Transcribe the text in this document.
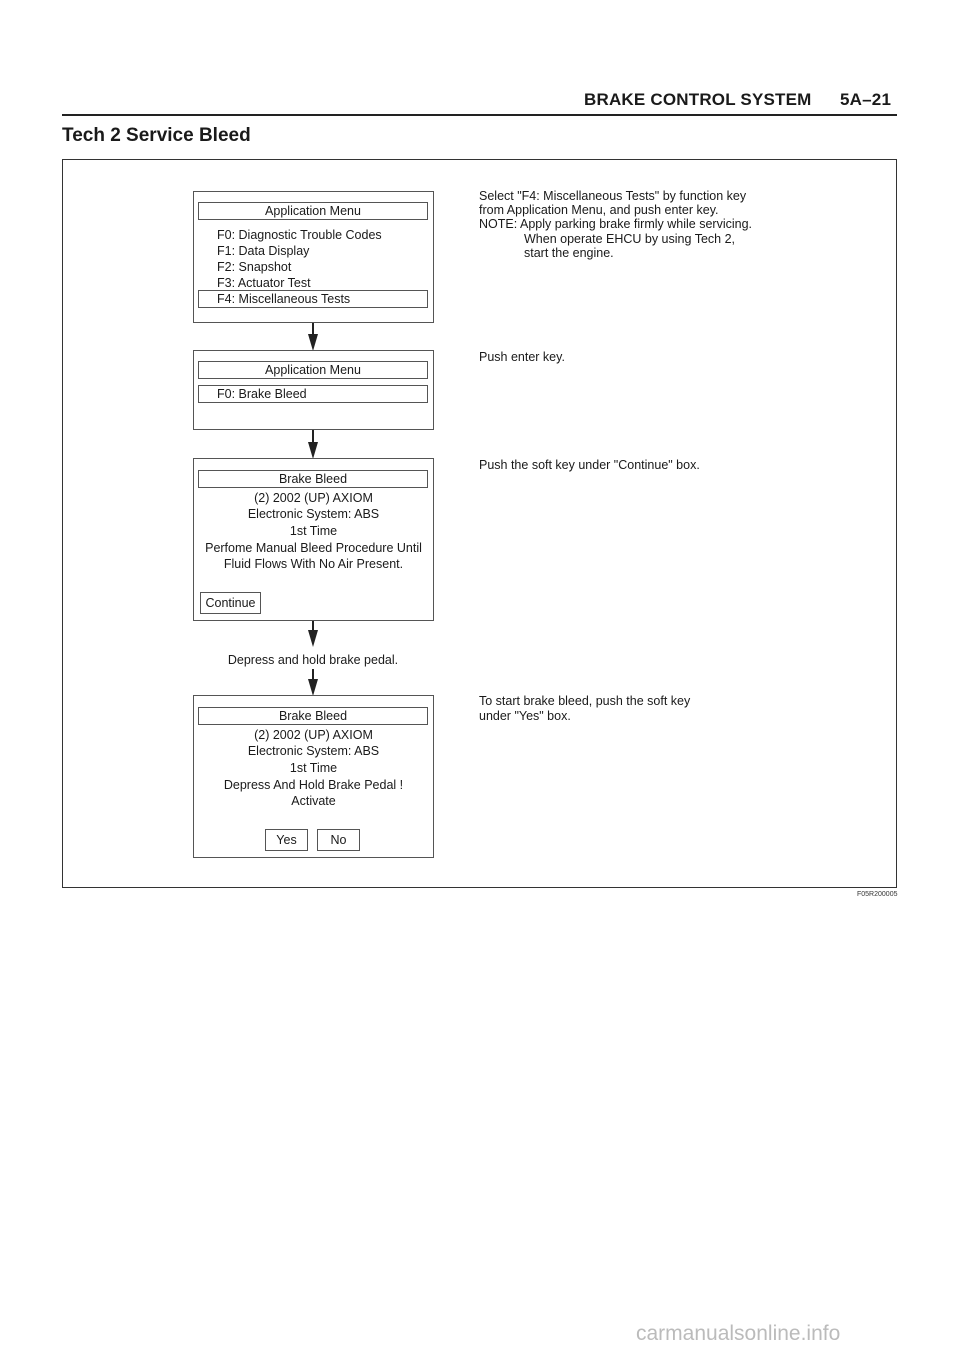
BRAKE CONTROL SYSTEM 5A–21
Tech 2 Service Bleed
Application Menu
F0: Diagnostic Trouble Codes
F1: Data Display
F2: Snapshot
F3: Actuator Test
F4: Miscellaneous Tests
Select "F4: Miscellaneous Tests" by function key
from Application Menu, and push enter key.
NOTE: Apply parking brake firmly while servicing.
When operate EHCU by using Tech 2,
start the engine.
Application Menu
F0: Brake Bleed
Push enter key.
Brake Bleed
(2) 2002 (UP) AXIOM
Electronic System: ABS
1st Time
Perfome Manual Bleed Procedure Until
Fluid Flows With No Air Present.
Continue
Push the soft key under "Continue" box.
Depress and hold brake pedal.
Brake Bleed
(2) 2002 (UP) AXIOM
Electronic System: ABS
1st Time
Depress And Hold Brake Pedal !
Activate
Yes	No
To start brake bleed, push the soft key
under "Yes" box.
F05R200005
carmanualsonline.info
